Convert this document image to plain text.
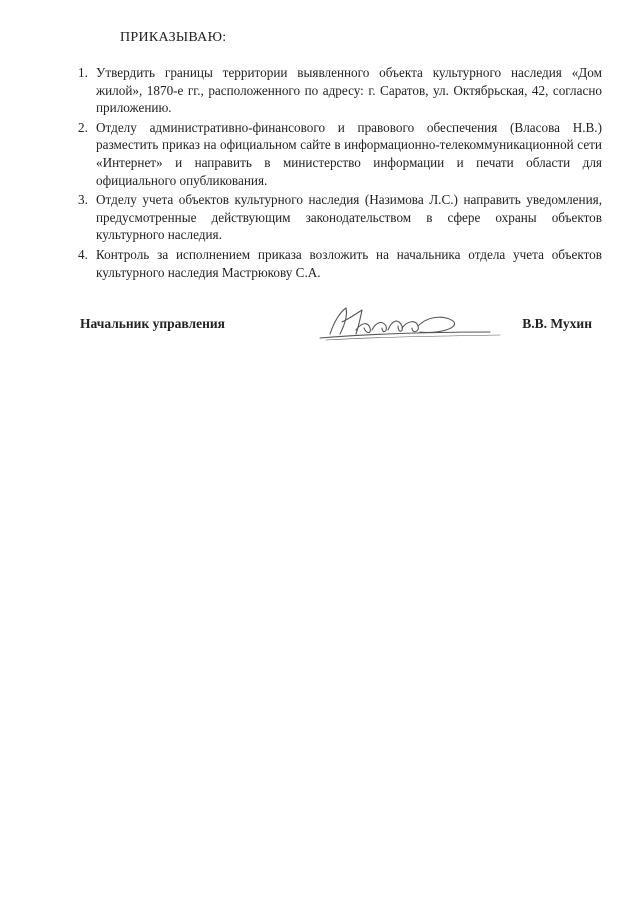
ПРИКАЗЫВАЮ:
1. Утвердить границы территории выявленного объекта культурного наследия «Дом жилой», 1870-е гг., расположенного по адресу: г. Саратов, ул. Октябрьская, 42, согласно приложению.
2. Отделу административно-финансового и правового обеспечения (Власова Н.В.) разместить приказ на официальном сайте в информационно-телекоммуникационной сети «Интернет» и направить в министерство информации и печати области для официального опубликования.
3. Отделу учета объектов культурного наследия (Назимова Л.С.) направить уведомления, предусмотренные действующим законодательством в сфере охраны объектов культурного наследия.
4. Контроль за исполнением приказа возложить на начальника отдела учета объектов культурного наследия Мастрюкову С.А.
Начальник управления	В.В. Мухин
